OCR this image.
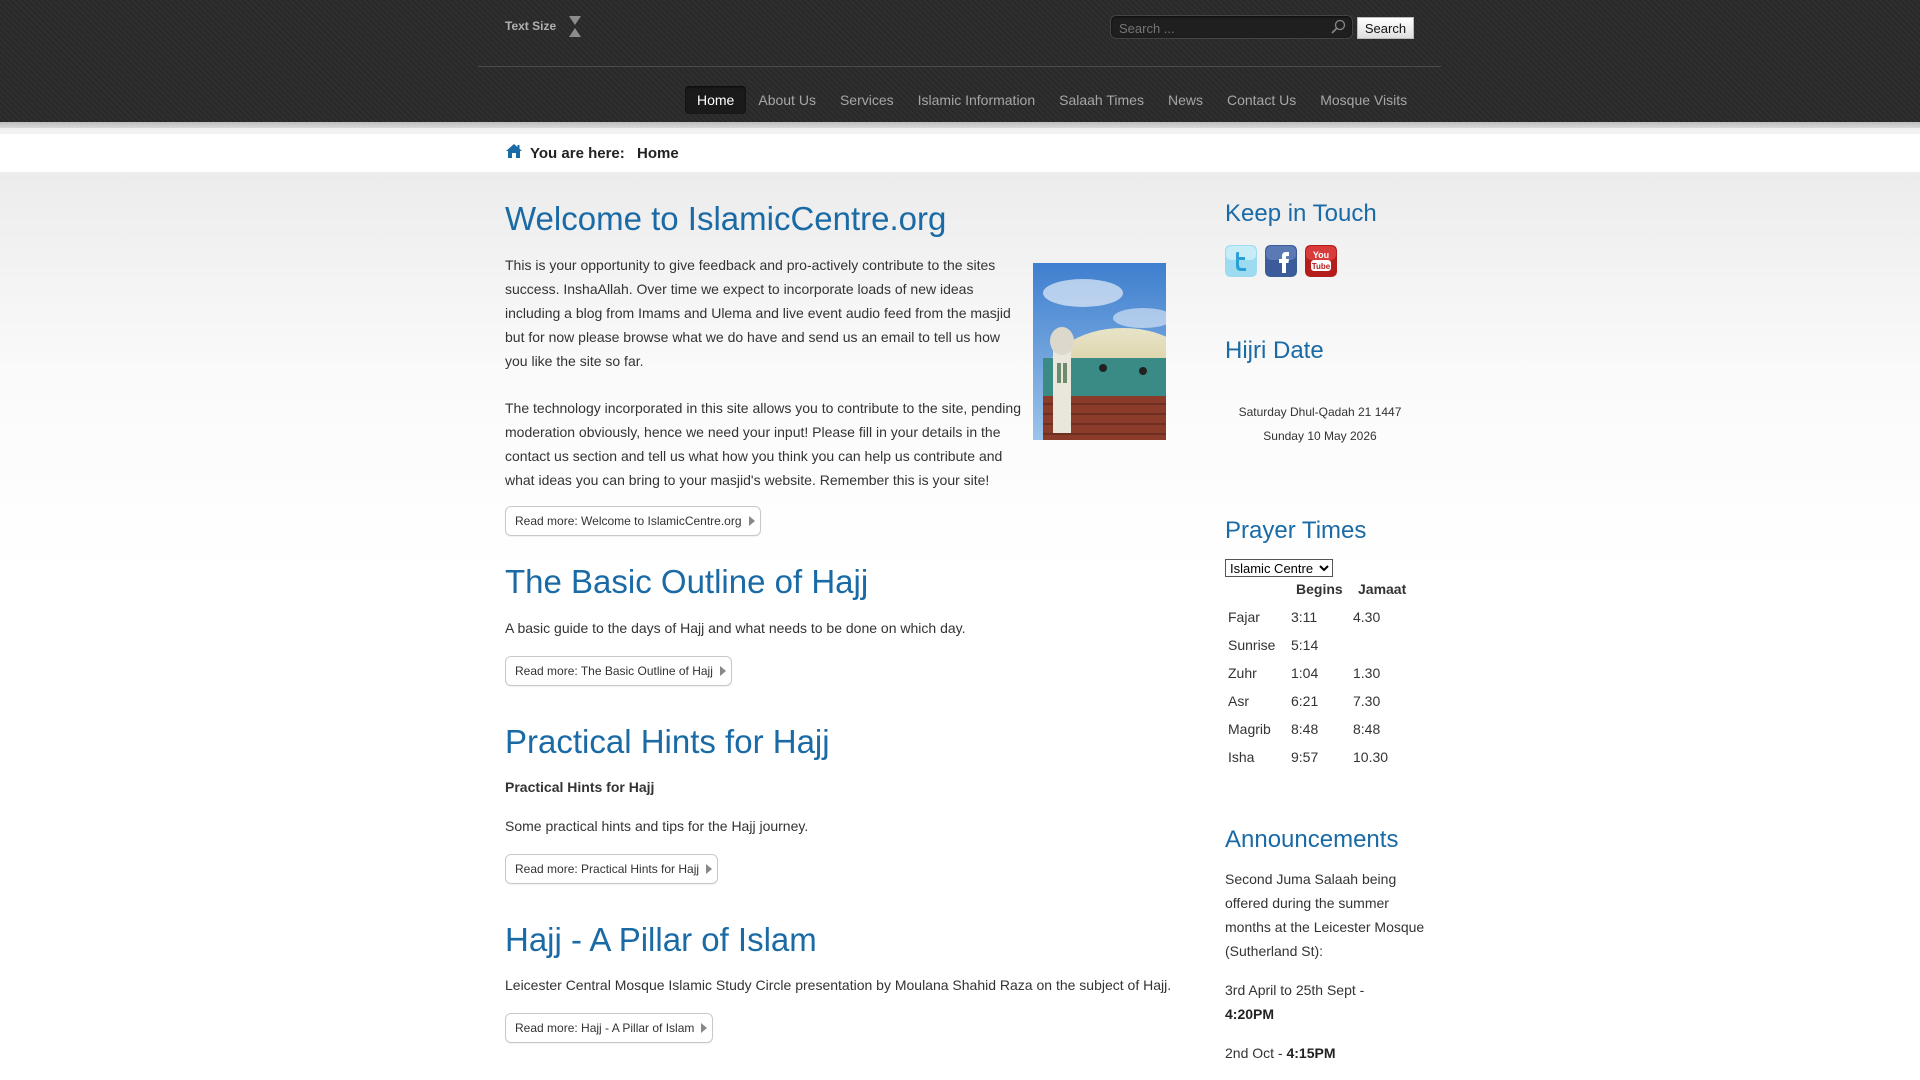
Text Size
Search ...	Search
Home	About Us	Services	Islamic Information	Salaah Times	News	Contact Us	Mosque Visits
You are here: Home
Welcome to IslamicCentre.org
This is your opportunity to give feedback and pro-actively contribute to the sites success. InshaAllah. Over time we expect to incorporate loads of new ideas including a blog from Imams and Ulema and live event audio feed from the masjid but for now please browse what we do have and send us an email to tell us how you like the site so far.
The technology incorporated in this site allows you to contribute to the site, pending moderation obviously, hence we need your input! Please fill in your details in the contact us section and tell us what how you think you can help us contribute and what ideas you can bring to your masjid's website. Remember this is your site!
Read more: Welcome to IslamicCentre.org
The Basic Outline of Hajj
A basic guide to the days of Hajj and what needs to be done on which day.
Read more: The Basic Outline of Hajj
Practical Hints for Hajj
Practical Hints for Hajj
Some practical hints and tips for the Hajj journey.
Read more: Practical Hints for Hajj
Hajj - A Pillar of Islam
Leicester Central Mosque Islamic Study Circle presentation by Moulana Shahid Raza on the subject of Hajj.
Read more: Hajj - A Pillar of Islam
Keep in Touch
You
Tube
Hijri Date
Saturday Dhul-Qadah 21 1447
Sunday 10 May 2026
Prayer Times
Islamic Centre
Begins Jamaat
Fajar 3:11	4.30
Sunrise 5:14
Zuhr 1:04 1.30
Asr	6:21 7.30
Magrib 8:48 8:48
Isha	9:57 10.30
Announcements
Second Juma Salaah being offered during the summer months at the Leicester Mosque (Sutherland St):
3rd April to 25th Sept -
4:20PM
2nd Oct - 4:15PM
